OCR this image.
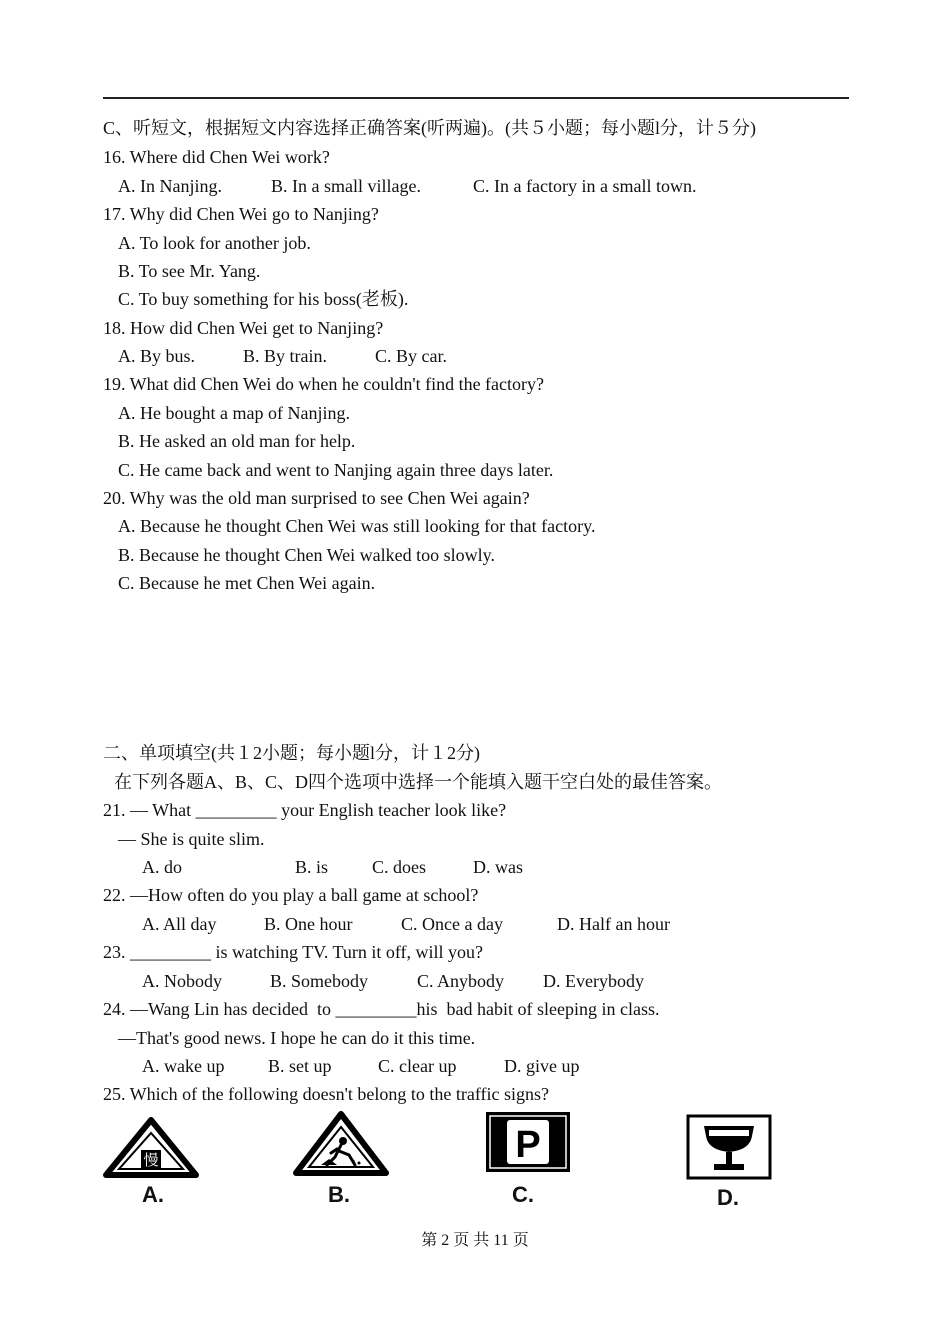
C、听短文，根据短文内容选择正确答案(听两遍)。(共５小题；每小题l分，计５分)
16. Where did Chen Wei work?
A. In Nanjing.	B. In a small village.	C. In a factory in a small town.
17. Why did Chen Wei go to Nanjing?
A. To look for another job.
B. To see Mr. Yang.
C. To buy something for his boss(老板).
18. How did Chen Wei get to Nanjing?
A. By bus.	B. By train.	C. By car.
19. What did Chen Wei do when he couldn't find the factory?
A. He bought a map of Nanjing.
B. He asked an old man for help.
C. He came back and went to Nanjing again three days later.
20. Why was the old man surprised to see Chen Wei again?
A. Because he thought Chen Wei was still looking for that factory.
B. Because he thought Chen Wei walked too slowly.
C. Because he met Chen Wei again.
二、单项填空(共１2小题；每小题l分，计１2分)
在下列各题A、B、C、D四个选项中选择一个能填入题干空白处的最佳答案。
21. — What _________ your English teacher look like?
— She is quite slim.
A. do	B. is C. does	D. was
22. —How often do you play a ball game at school?
A. All day	B. One hour	C. Once a day	D. Half an hour
23. _________ is watching TV. Turn it off, will you?
A. Nobody	B. Somebody	C. Anybody D. Everybody
24. —Wang Lin has decided  to _________his  bad habit of sleeping in class.
—That's good news. I hope he can do it this time.
A. wake up B. set up	C. clear up	D. give up
25. Which of the following doesn't belong to the traffic signs?
慢
A.	B.
P
C.	D.
第 2 页 共 11 页
